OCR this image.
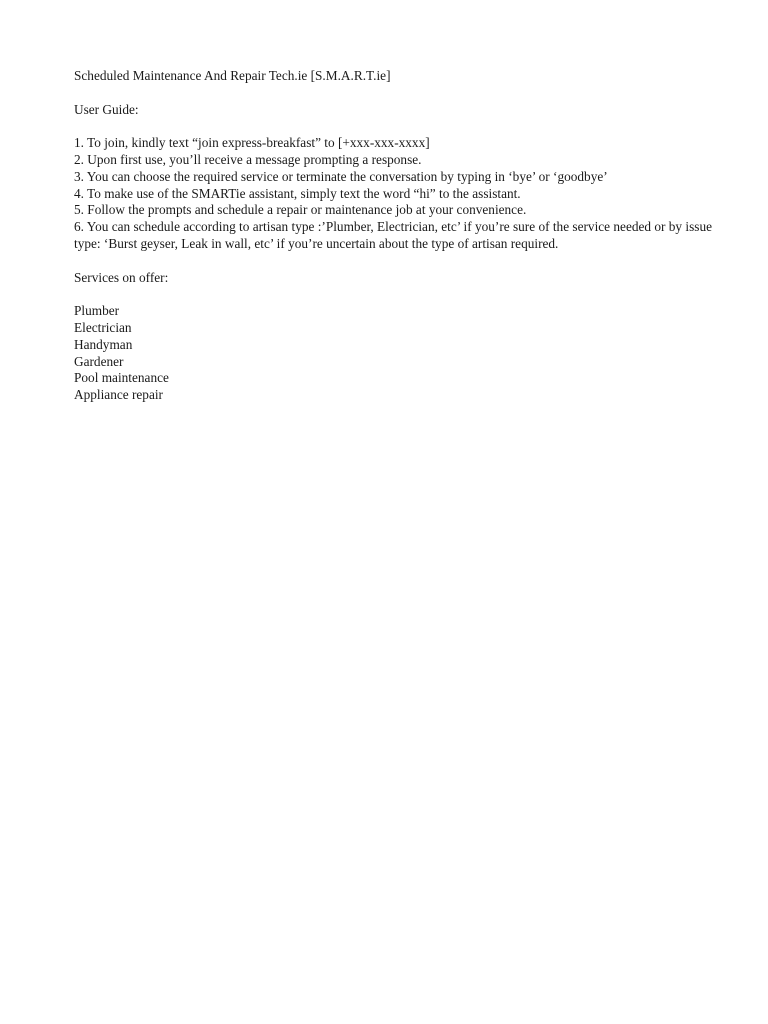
Scheduled Maintenance And Repair Tech.ie [S.M.A.R.T.ie]
User Guide:
1. To join, kindly text “join express-breakfast” to [+xxx-xxx-xxxx]
2. Upon first use, you’ll receive a message prompting a response.
3. You can choose the required service or terminate the conversation by typing in ‘bye’ or ‘goodbye’
4. To make use of the SMARTie assistant, simply text the word “hi” to the assistant.
5. Follow the prompts and schedule a repair or maintenance job at your convenience.
6. You can schedule according to artisan type :’Plumber, Electrician, etc’ if you’re sure of the service needed or by issue type: ‘Burst geyser, Leak in wall, etc’ if you’re uncertain about the type of artisan required.
Services on offer:
Plumber
Electrician
Handyman
Gardener
Pool maintenance
Appliance repair
